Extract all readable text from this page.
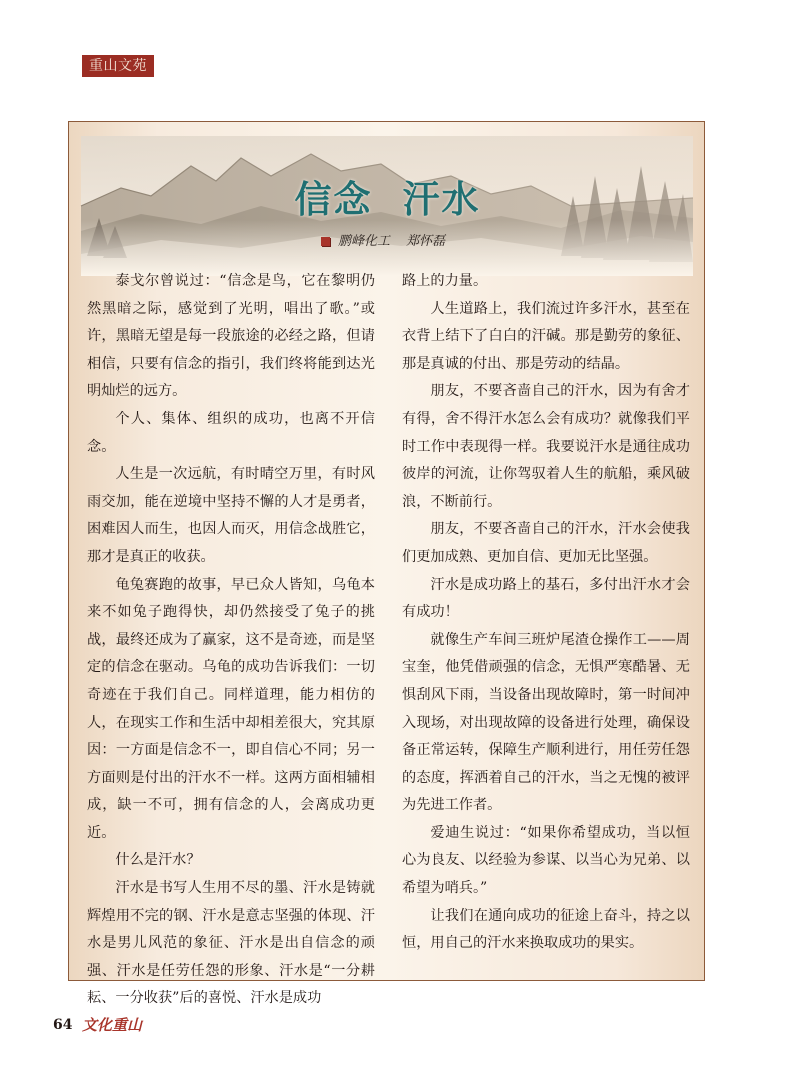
重山文苑
信念 汗水
鹏峰化工 郑怀磊

泰戈尔曾说过：“信念是鸟，它在黎明仍然黑暗之际，感觉到了光明，唱出了歌。”或许，黑暗无望是每一段旅途的必经之路，但请相信，只要有信念的指引，我们终将能到达光明灿烂的远方。

个人、集体、组织的成功，也离不开信念。

人生是一次远航，有时晴空万里，有时风雨交加，能在逆境中坚持不懈的人才是勇者，困难因人而生，也因人而灭，用信念战胜它，那才是真正的收获。

龟兔赛跑的故事，早已众人皆知，乌龟本来不如兔子跑得快，却仍然接受了兔子的挑战，最终还成为了赢家，这不是奇迹，而是坚定的信念在驱动。乌龟的成功告诉我们：一切奇迹在于我们自己。同样道理，能力相仿的人，在现实工作和生活中却相差很大，究其原因：一方面是信念不一，即自信心不同；另一方面则是付出的汗水不一样。这两方面相辅相成，缺一不可，拥有信念的人，会离成功更近。

什么是汗水？

汗水是书写人生用不尽的墨、汗水是铸就辉煌用不完的钢、汗水是意志坚强的体现、汗水是男儿风范的象征、汗水是出自信念的顽强、汗水是任劳任怨的形象、汗水是“一分耕耘、一分收获”后的喜悦、汗水是成功

路上的力量。

人生道路上，我们流过许多汗水，甚至在衣背上结下了白白的汗碱。那是勤劳的象征、那是真诚的付出、那是劳动的结晶。

朋友，不要吝啬自己的汗水，因为有舍才有得，舍不得汗水怎么会有成功？就像我们平时工作中表现得一样。我要说汗水是通往成功彼岸的河流，让你驾驭着人生的航船，乘风破浪，不断前行。

朋友，不要吝啬自己的汗水，汗水会使我们更加成熟、更加自信、更加无比坚强。

汗水是成功路上的基石，多付出汗水才会有成功！

就像生产车间三班炉尾渣仓操作工——周宝奎，他凭借顽强的信念，无惧严寒酷暑、无惧刮风下雨，当设备出现故障时，第一时间冲入现场，对出现故障的设备进行处理，确保设备正常运转，保障生产顺利进行，用任劳任怨的态度，挥洒着自己的汗水，当之无愧的被评为先进工作者。

爱迪生说过：“如果你希望成功，当以恒心为良友、以经验为参谋、以当心为兄弟、以希望为哨兵。”

让我们在通向成功的征途上奋斗，持之以恒，用自己的汗水来换取成功的果实。

64 文化重山
